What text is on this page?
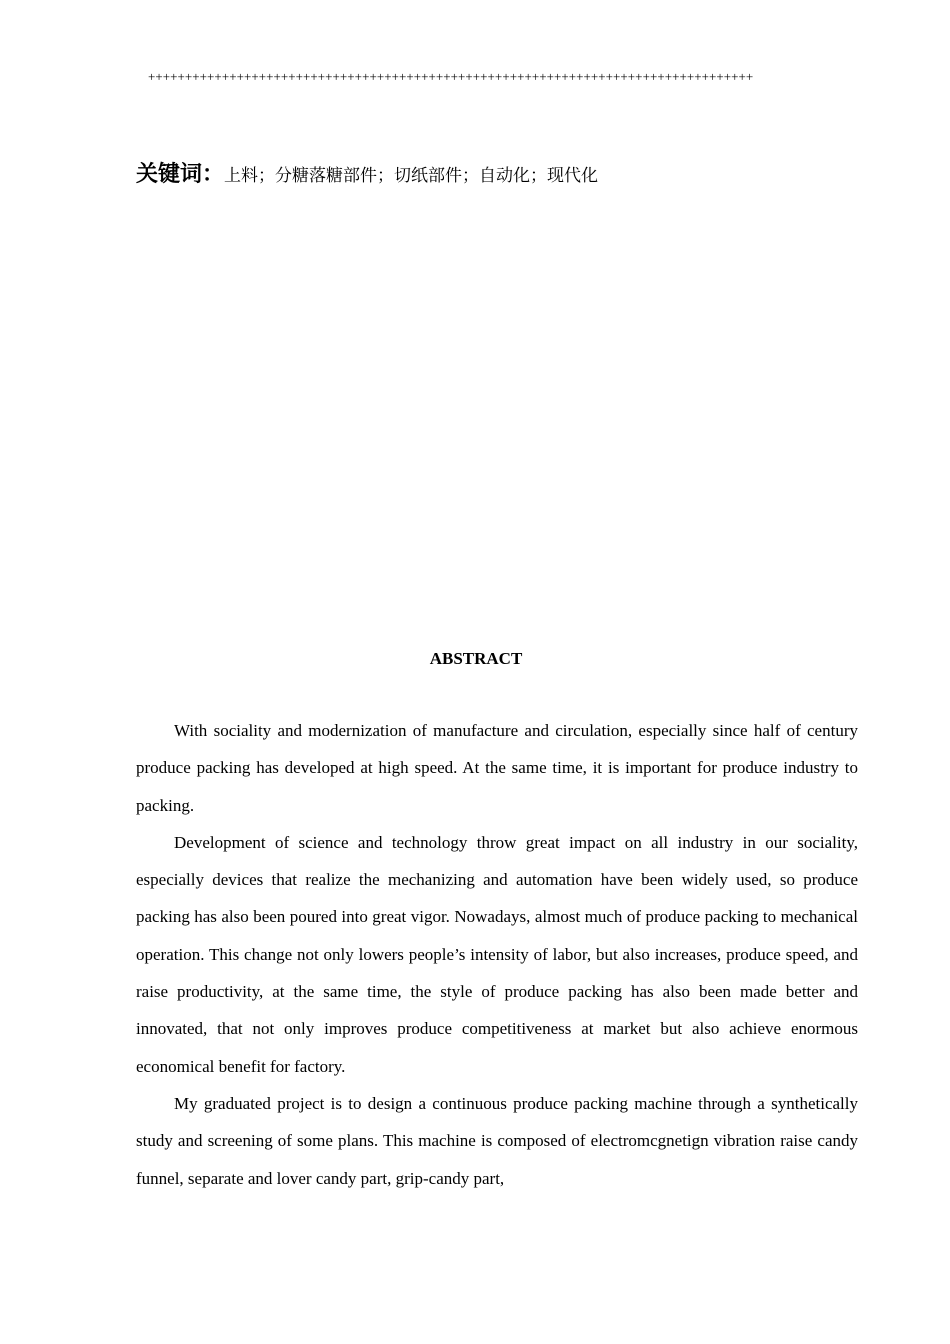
++++++++++++++++++++++++++++++++++++++++++++++++++++++++++++++++++++++++++++++++++
关键词：上料；分糖落糖部件；切纸部件；自动化；现代化
ABSTRACT

With sociality and modernization of manufacture and circulation, especially since half of century produce packing has developed at high speed. At the same time, it is important for produce industry to packing.

Development of science and technology throw great impact on all industry in our sociality, especially devices that realize the mechanizing and automation have been widely used, so produce packing has also been poured into great vigor. Nowadays, almost much of produce packing to mechanical operation. This change not only lowers people’s intensity of labor, but also increases, produce speed, and raise productivity, at the same time, the style of produce packing has also been made better and innovated, that not only improves produce competitiveness at market but also achieve enormous economical benefit for factory.

My graduated project is to design a continuous produce packing machine through a synthetically study and screening of some plans. This machine is composed of electromcgnetign vibration raise candy funnel, separate and lover candy part, grip-candy part,
